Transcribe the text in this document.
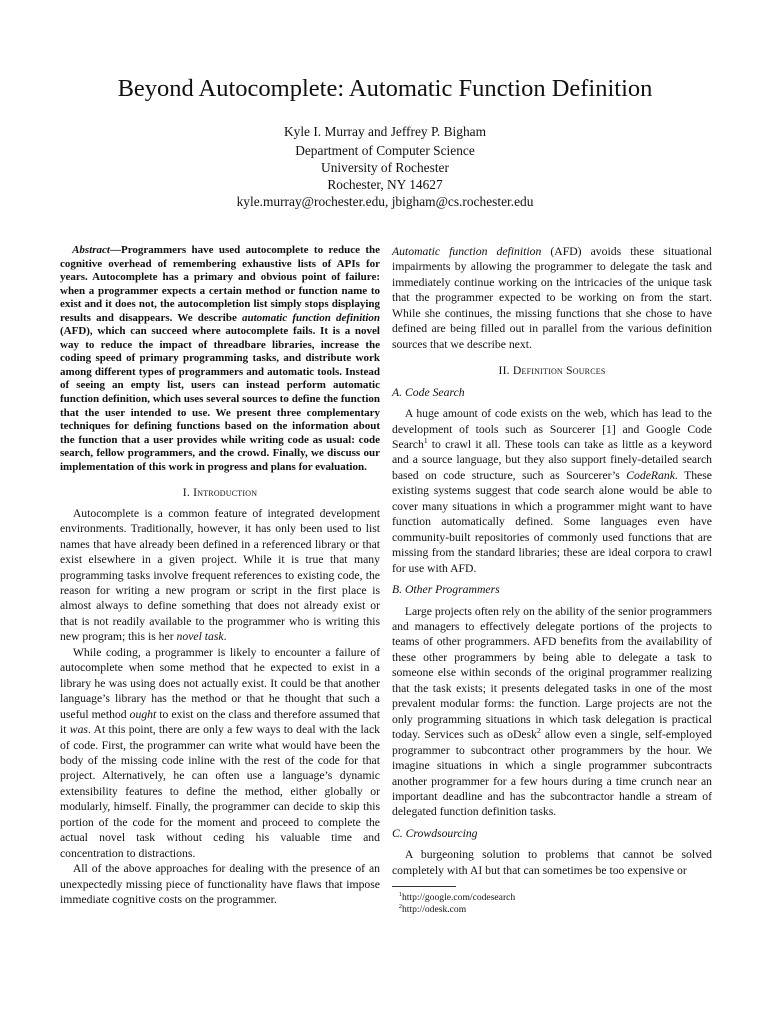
Beyond Autocomplete: Automatic Function Definition
Kyle I. Murray and Jeffrey P. Bigham
Department of Computer Science
University of Rochester
Rochester, NY 14627
kyle.murray@rochester.edu, jbigham@cs.rochester.edu

Abstract—Programmers have used autocomplete to reduce the cognitive overhead of remembering exhaustive lists of APIs for years. Autocomplete has a primary and obvious point of failure: when a programmer expects a certain method or function name to exist and it does not, the autocompletion list simply stops displaying results and disappears. We describe automatic function definition (AFD), which can succeed where autocomplete fails. It is a novel way to reduce the impact of threadbare libraries, increase the coding speed of primary programming tasks, and distribute work among different types of programmers and automatic tools. Instead of seeing an empty list, users can instead perform automatic function definition, which uses several sources to define the function that the user intended to use. We present three complementary techniques for defining functions based on the information about the function that a user provides while writing code as usual: code search, fellow programmers, and the crowd. Finally, we discuss our implementation of this work in progress and plans for evaluation.

I. Introduction

Autocomplete is a common feature of integrated development environments. Traditionally, however, it has only been used to list names that have already been defined in a referenced library or that exist elsewhere in a given project. While it is true that many programming tasks involve frequent references to existing code, the reason for writing a new program or script in the first place is almost always to define something that does not already exist or that is not readily available to the programmer who is writing this new program; this is her novel task.

While coding, a programmer is likely to encounter a failure of autocomplete when some method that he expected to exist in a library he was using does not actually exist. It could be that another language’s library has the method or that he thought that such a useful method ought to exist on the class and therefore assumed that it was. At this point, there are only a few ways to deal with the lack of code. First, the programmer can write what would have been the body of the missing code inline with the rest of the code for that project. Alternatively, he can often use a language’s dynamic extensibility features to define the method, either globally or modularly, himself. Finally, the programmer can decide to skip this portion of the code for the moment and proceed to complete the actual novel task without ceding his valuable time and concentration to distractions.

All of the above approaches for dealing with the presence of an unexpectedly missing piece of functionality have flaws that impose immediate cognitive costs on the programmer.

Automatic function definition (AFD) avoids these situational impairments by allowing the programmer to delegate the task and immediately continue working on the intricacies of the unique task that the programmer expected to be working on from the start. While she continues, the missing functions that she chose to have defined are being filled out in parallel from the various definition sources that we describe next.

II. Definition Sources
A. Code Search

A huge amount of code exists on the web, which has lead to the development of tools such as Sourcerer [1] and Google Code Search$^1$ to crawl it all. These tools can take as little as a keyword and a source language, but they also support finely-detailed search based on code structure, such as Sourcerer’s CodeRank. These existing systems suggest that code search alone would be able to cover many situations in which a programmer might want to have function automatically defined. Some languages even have community-built repositories of commonly used functions that are missing from the standard libraries; these are ideal corpora to crawl for use with AFD.

B. Other Programmers

Large projects often rely on the ability of the senior programmers and managers to effectively delegate portions of the projects to teams of other programmers. AFD benefits from the availability of these other programmers by being able to delegate a task to someone else within seconds of the original programmer realizing that the task exists; it presents delegated tasks in one of the most prevalent modular forms: the function. Large projects are not the only programming situations in which task delegation is practical today. Services such as oDesk$^2$ allow even a single, self-employed programmer to subcontract other programmers by the hour. We imagine situations in which a single programmer subcontracts another programmer for a few hours during a time crunch near an important deadline and has the subcontractor handle a stream of delegated function definition tasks.

C. Crowdsourcing

A burgeoning solution to problems that cannot be solved completely with AI but that can sometimes be too expensive or

$^1$http://google.com/codesearch
$^2$http://odesk.com
